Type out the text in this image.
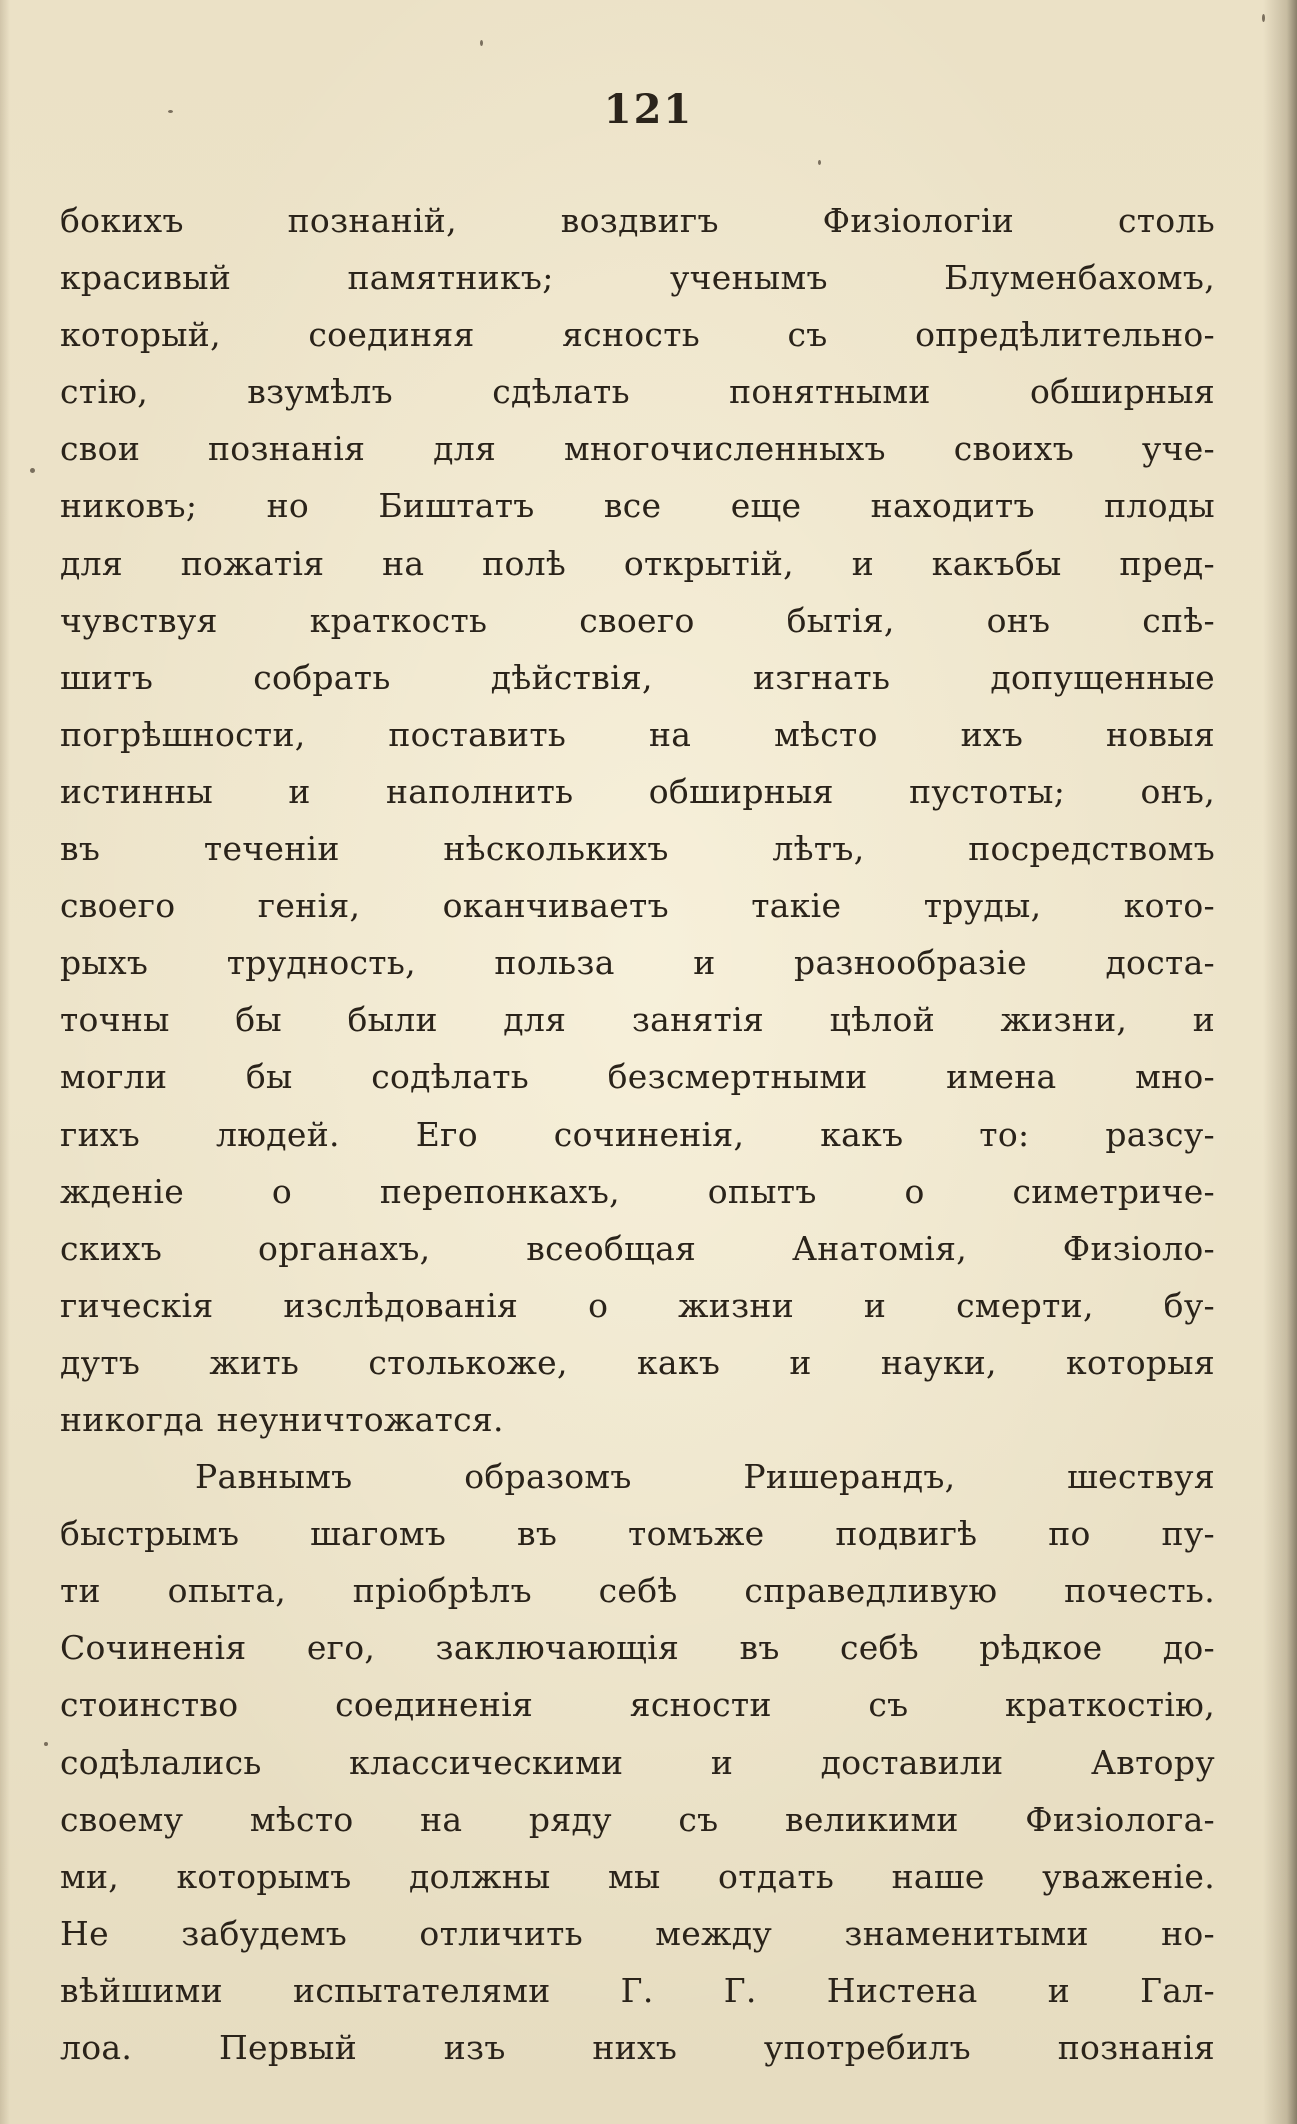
121
бокихъ познаній, воздвигъ Физіологіи столь
красивый памятникъ; ученымъ Блуменбахомъ,
который, соединяя ясность съ опредѣлительно-
стію, взумѣлъ сдѣлать понятными обширныя
свои познанія для многочисленныхъ своихъ уче-
никовъ; но Биштатъ все еще находитъ плоды
для пожатія на полѣ открытій, и какъбы пред-
чувствуя краткость своего бытія, онъ спѣ-
шитъ собрать дѣйствія, изгнать допущенные
погрѣшности, поставить на мѣсто ихъ новыя
истинны и наполнить обширныя пустоты; онъ,
въ теченіи нѣсколькихъ лѣтъ, посредствомъ
своего генія, оканчиваетъ такіе труды, кото-
рыхъ трудность, польза и разнообразіе доста-
точны бы были для занятія цѣлой жизни, и
могли бы содѣлать безсмертными имена мно-
гихъ людей. Его сочиненія, какъ то: разсу-
жденіе о перепонкахъ, опытъ о симетриче-
скихъ органахъ, всеобщая Анатомія, Физіоло-
гическія изслѣдованія о жизни и смерти, бу-
дутъ жить столькоже, какъ и науки, которыя
никогда неуничтожатся.
Равнымъ образомъ Ришерандъ, шествуя
быстрымъ шагомъ въ томъже подвигѣ по пу-
ти опыта, пріобрѣлъ себѣ справедливую почесть.
Сочиненія его, заключающія въ себѣ рѣдкое до-
стоинство соединенія ясности съ краткостію,
содѣлались классическими и доставили Автору
своему мѣсто на ряду съ великими Физіолога-
ми, которымъ должны мы отдать наше уваженіе.
Не забудемъ отличить между знаменитыми но-
вѣйшими испытателями Г. Г. Нистена и Гал-
лоа. Первый изъ нихъ употребилъ познанія
